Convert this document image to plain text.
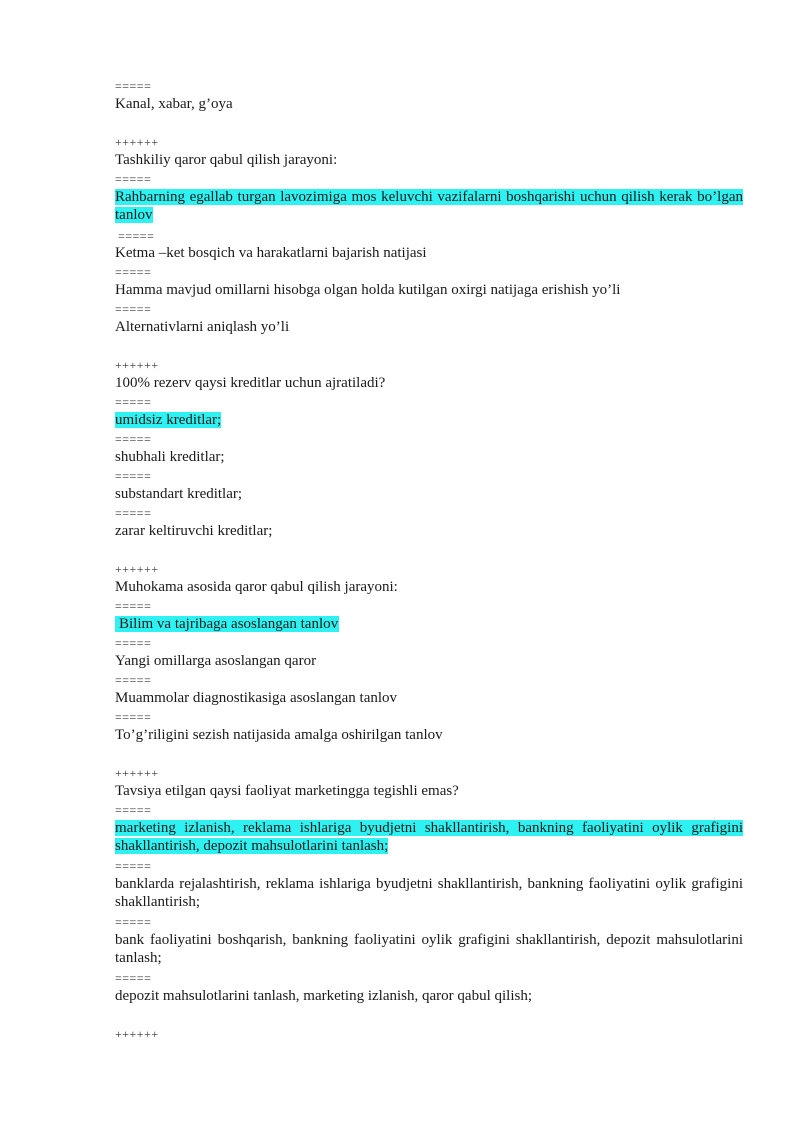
=====
Kanal, xabar, g’oya
++++++
Tashkiliy qaror qabul qilish jarayoni:
=====
Rahbarning egallab turgan lavozimiga mos keluvchi vazifalarni boshqarishi uchun qilish kerak bo’lgan tanlov
=====
Ketma –ket bosqich va harakatlarni bajarish natijasi
=====
Hamma mavjud omillarni hisobga olgan holda kutilgan oxirgi natijaga erishish yo’li
=====
Alternativlarni aniqlash yo’li
++++++
100% rezerv qaysi kreditlar uchun ajratiladi?
=====
umidsiz kreditlar;
=====
shubhali kreditlar;
=====
substandart kreditlar;
=====
zarar keltiruvchi kreditlar;
++++++
Muhokama asosida qaror qabul qilish jarayoni:
=====
Bilim va tajribaga asoslangan tanlov
=====
Yangi omillarga asoslangan qaror
=====
Muammolar diagnostikasiga asoslangan tanlov
=====
To’g’riligini sezish natijasida amalga oshirilgan tanlov
++++++
Tavsiya etilgan qaysi faoliyat marketingga tegishli emas?
=====
marketing izlanish, reklama ishlariga byudjetni shakllantirish, bankning faoliyatini oylik grafigini shakllantirish, depozit mahsulotlarini tanlash;
=====
banklarda rejalashtirish, reklama ishlariga byudjetni shakllantirish, bankning faoliyatini oylik grafigini shakllantirish;
=====
bank faoliyatini boshqarish, bankning faoliyatini oylik grafigini shakllantirish, depozit mahsulotlarini tanlash;
=====
depozit mahsulotlarini tanlash, marketing izlanish, qaror qabul qilish;
++++++
